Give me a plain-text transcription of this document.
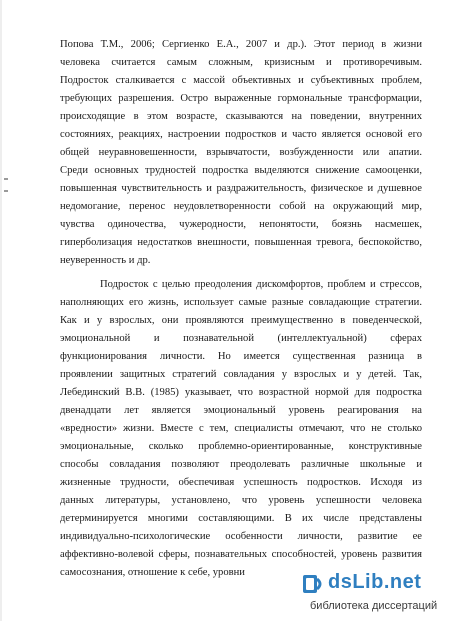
Попова Т.М., 2006; Сергиенко Е.А., 2007 и др.). Этот период в жизни
человека считается самым сложным, кризисным и противоречивым.
Подросток сталкивается с массой объективных и субъективных проблем,
требующих разрешения. Остро выраженные гормональные трансформации,
происходящие в этом возрасте, сказываются на поведении, внутренних
состояниях, реакциях, настроении подростков и часто является основой его
общей неуравновешенности, взрывчатости, возбужденности или апатии.
Среди основных трудностей подростка выделяются снижение самооценки,
повышенная чувствительность и раздражительность, физическое и душевное
недомогание, перенос неудовлетворенности собой на окружающий мир,
чувства одиночества, чужеродности, непонятости, боязнь насмешек,
гиперболизация недостатков внешности, повышенная тревога, беспокойство,
неуверенность и др.
Подросток с целью преодоления дискомфортов, проблем и стрессов,
наполняющих его жизнь, использует самые разные совладающие стратегии.
Как и у взрослых, они проявляются преимущественно в поведенческой,
эмоциональной и познавательной (интеллектуальной) сферах
функционирования личности. Но имеется существенная разница в
проявлении защитных стратегий совладания у взрослых и у детей. Так,
Лебединский В.В. (1985) указывает, что возрастной нормой для подростка
двенадцати лет является эмоциональный уровень реагирования на
«вредности» жизни. Вместе с тем, специалисты отмечают, что не столько
эмоциональные, сколько проблемно-ориентированные, конструктивные
способы совладания позволяют преодолевать различные школьные и
жизненные трудности, обеспечивая успешность подростков. Исходя из
данных литературы, установлено, что уровень успешности человека
детерминируется многими составляющими. В их числе представлены
индивидуально-психологические особенности личности, развитие ее
аффективно-волевой сферы, познавательных способностей, уровень развития
самосознания, отношение к себе, уровни	dsLib.net
библиотека диссертаций
